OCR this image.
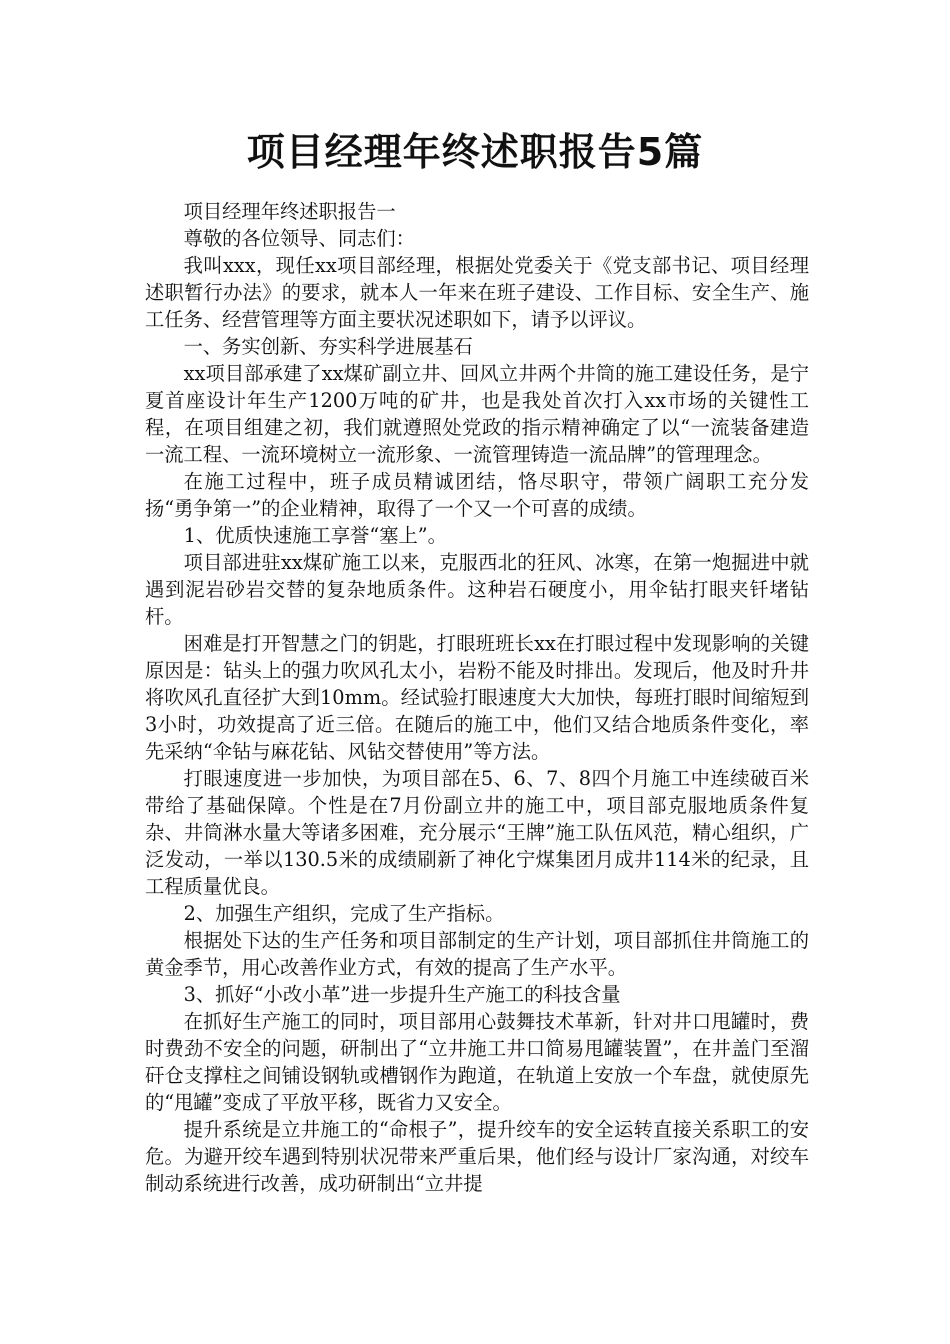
项目经理年终述职报告5篇

项目经理年终述职报告一

尊敬的各位领导、同志们：

我叫xxx，现任xx项目部经理，根据处党委关于《党支部书记、项目经理述职暂行办法》的要求，就本人一年来在班子建设、工作目标、安全生产、施工任务、经营管理等方面主要状况述职如下，请予以评议。

一、务实创新、夯实科学进展基石

xx项目部承建了xx煤矿副立井、回风立井两个井筒的施工建设任务，是宁夏首座设计年生产1200万吨的矿井，也是我处首次打入xx市场的关键性工程，在项目组建之初，我们就遵照处党政的指示精神确定了以“一流装备建造一流工程、一流环境树立一流形象、一流管理铸造一流品牌”的管理理念。

在施工过程中，班子成员精诚团结，恪尽职守，带领广阔职工充分发扬“勇争第一”的企业精神，取得了一个又一个可喜的成绩。

1、优质快速施工享誉“塞上”。

项目部进驻xx煤矿施工以来，克服西北的狂风、冰寒，在第一炮掘进中就遇到泥岩砂岩交替的复杂地质条件。这种岩石硬度小，用伞钻打眼夹钎堵钻杆。

困难是打开智慧之门的钥匙，打眼班班长xx在打眼过程中发现影响的关键原因是：钻头上的强力吹风孔太小，岩粉不能及时排出。发现后，他及时升井将吹风孔直径扩大到10mm。经试验打眼速度大大加快，每班打眼时间缩短到3小时，功效提高了近三倍。在随后的施工中，他们又结合地质条件变化，率先采纳“伞钻与麻花钻、风钻交替使用”等方法。

打眼速度进一步加快，为项目部在5、6、7、8四个月施工中连续破百米带给了基础保障。个性是在7月份副立井的施工中，项目部克服地质条件复杂、井筒淋水量大等诸多困难，充分展示“王牌”施工队伍风范，精心组织，广泛发动，一举以130.5米的成绩刷新了神化宁煤集团月成井114米的纪录，且工程质量优良。

2、加强生产组织，完成了生产指标。

根据处下达的生产任务和项目部制定的生产计划，项目部抓住井筒施工的黄金季节，用心改善作业方式，有效的提高了生产水平。

3、抓好“小改小革”进一步提升生产施工的科技含量

在抓好生产施工的同时，项目部用心鼓舞技术革新，针对井口甩罐时，费时费劲不安全的问题，研制出了“立井施工井口简易甩罐装置”，在井盖门至溜矸仓支撑柱之间铺设钢轨或槽钢作为跑道，在轨道上安放一个车盘，就使原先的“甩罐”变成了平放平移，既省力又安全。

提升系统是立井施工的“命根子”，提升绞车的安全运转直接关系职工的安危。为避开绞车遇到特别状况带来严重后果，他们经与设计厂家沟通，对绞车制动系统进行改善，成功研制出“立井提
